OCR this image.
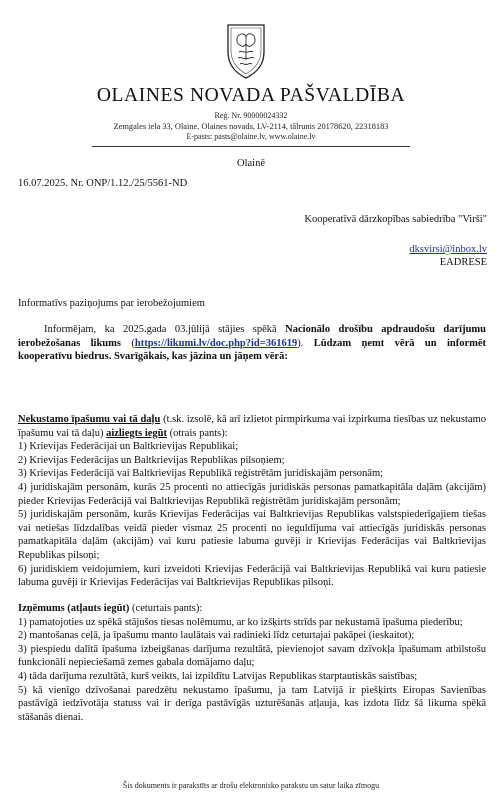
OLAINES NOVADA PAŠVALDĪBA
Reģ. Nr. 90000024332
Zemgales iela 33, Olaine, Olaines novads, LV-2114, tālrunis 20178620, 22318183
E-pasts: pasts@olaine.lv, www.olaine.lv
Olainē
16.07.2025. Nr. ONP/1.12./25/5561-ND
Kooperatīvā dārzkopības sabiedrība "Virši"
dksvirsi@inbox.lv
EADRESE
Informatīvs paziņojums par ierobežojumiem
Informējam, ka 2025.gada 03.jūlijā stājies spēkā Nacionālo drošību apdraudošu darījumu ierobežošanas likums (https://likumi.lv/doc.php?id=361619). Lūdzam ņemt vērā un informēt kooperatīvu biedrus. Svarīgākais, kas jāzina un jāņem vērā:
Nekustamo īpašumu vai tā daļu (t.sk. izsolē, kā arī izlietot pirmpirkuma vai izpirkuma tiesības uz nekustamo īpašumu vai tā daļu) aizliegts iegūt (otrais pants):
1) Krievijas Federācijai un Baltkrievijas Republikai;
2) Krievijas Federācijas un Baltkrievijas Republikas pilsoņiem;
3) Krievijas Federācijā vai Baltkrievijas Republikā reģistrētām juridiskajām personām;
4) juridiskajām personām, kurās 25 procenti no attiecīgās juridiskās personas pamatkapitāla daļām (akcijām) pieder Krievijas Federācijā vai Baltkrievijas Republikā reģistrētām juridiskajām personām;
5) juridiskajām personām, kurās Krievijas Federācijas vai Baltkrievijas Republikas valstspiederīgajiem tiešas vai netiešas līdzdalības veidā pieder vismaz 25 procenti no ieguldījuma vai attiecīgās juridiskās personas pamatkapitāla daļām (akcijām) vai kuru patiesie labuma guvēji ir Krievijas Federācijas vai Baltkrievijas Republikas pilsoņi;
6) juridiskiem veidojumiem, kuri izveidoti Krievijas Federācijā vai Baltkrievijas Republikā vai kuru patiesie labuma guvēji ir Krievijas Federācijas vai Baltkrievijas Republikas pilsoņi.
Izņēmums (atļauts iegūt) (ceturtais pants):
1) pamatojoties uz spēkā stājušos tiesas nolēmumu, ar ko izšķirts strīds par nekustamā īpašuma piederību;
2) mantošanas ceļā, ja īpašumu manto laulātais vai radinieki līdz ceturtajai pakāpei (ieskaitot);
3) piespiedu dalītā īpašuma izbeigšanas darījuma rezultātā, pievienojot savam dzīvokļa īpašumam atbilstošu funkcionāli nepieciešamā zemes gabala domājamo daļu;
4) tāda darījuma rezultātā, kurš veikts, lai izpildītu Latvijas Republikas starptautiskās saistības;
5) kā vienīgo dzīvošanai paredzētu nekustamo īpašumu, ja tam Latvijā ir piešķirts Eiropas Savienības pastāvīgā iedzīvotāja statuss vai ir derīga pastāvīgās uzturēšanās atļauja, kas izdota līdz šā likuma spēkā stāšanās dienai.
Šis dokuments ir parakstīts ar drošu elektronisko parakstu un satur laika zīmogu
